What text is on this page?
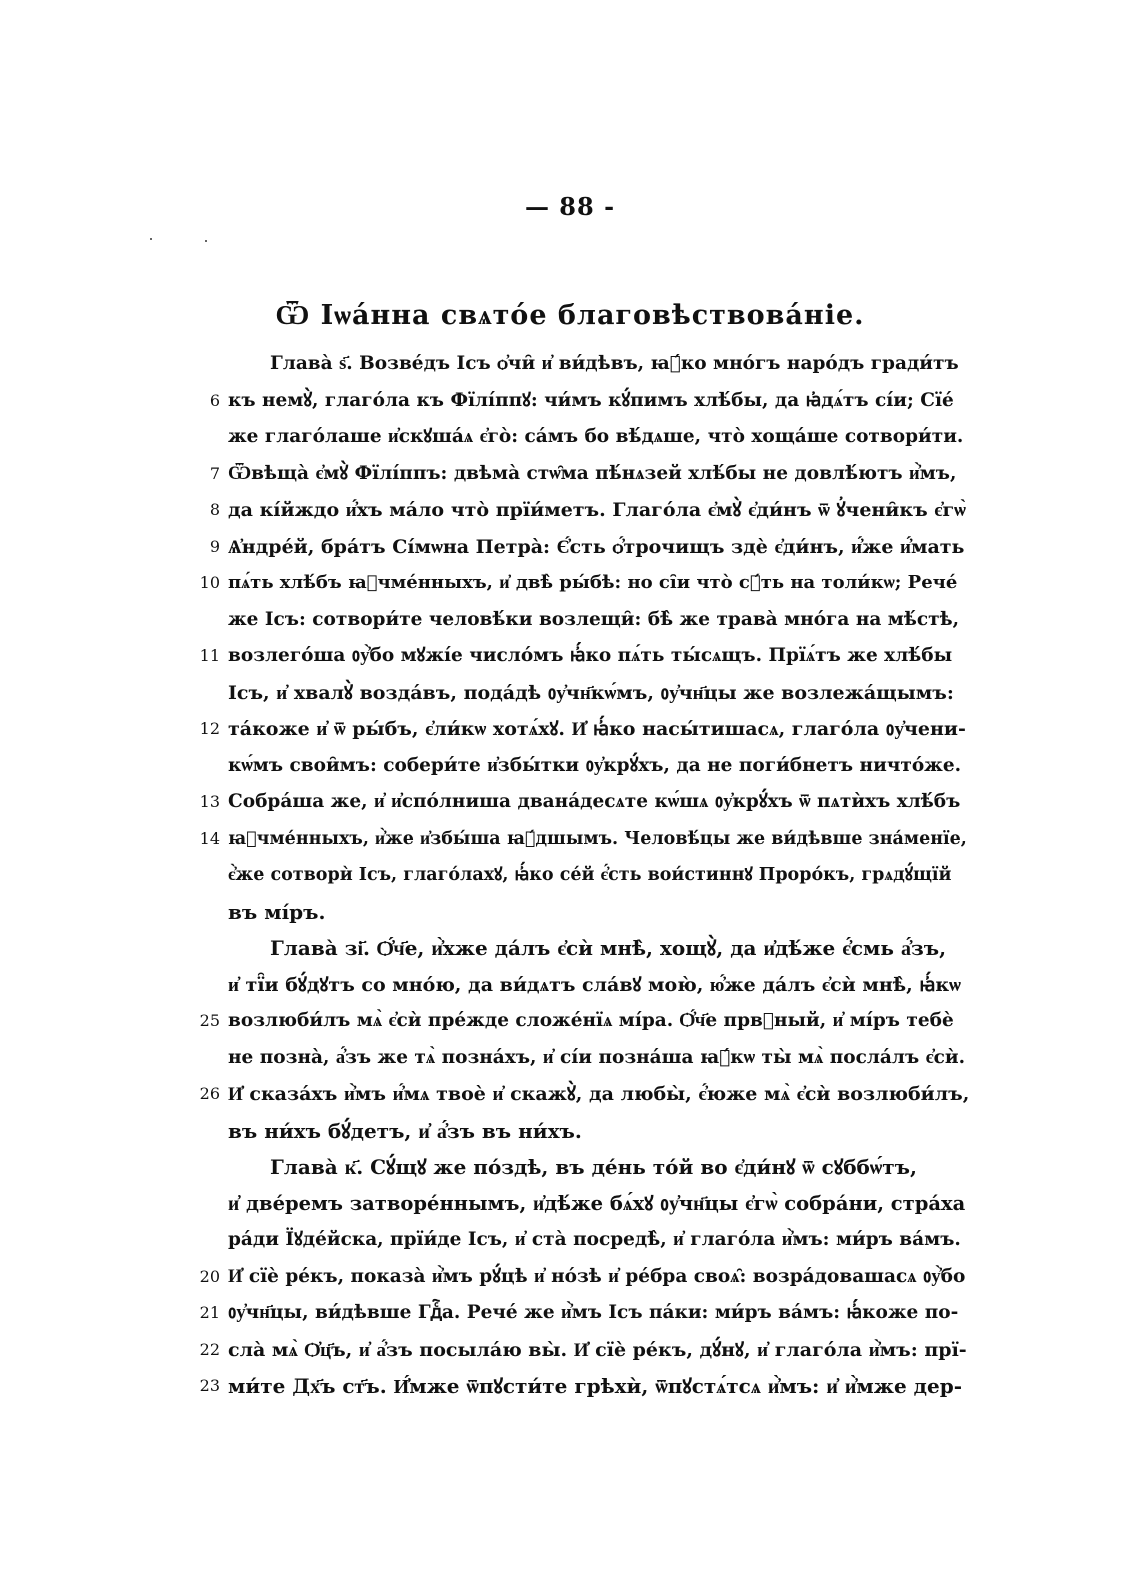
— 88 -
Ѿ Іѡа́нна свѧто́е благовѣствова́ніе.
Глава̀ ѕ҃. Возве́дъ Ісъ ѻ҆чи̑ и҆ ви́дѣвъ, ꙗ҆́ко мно́гъ наро́дъ гради́тъ
6 къ немꙋ̀, глаго́ла къ Фїлі́ппꙋ: чи́мъ кꙋ́пимъ хлѣ́бы, да ꙗ҆дѧ́тъ сі́и; Сїе́
же глаго́лаше и҆скꙋша́ѧ є҆го̀: са́мъ бо вѣ́дѧше, что̀ хоща́ше сотвори́ти.
7 Ѿвѣща̀ є҆мꙋ̀ Фїлі́ппъ: двѣма̀ стѡ̑ма пѣ́нѧзей хлѣ́бы не довлѣ́ютъ и҆̀мъ,
8 да кі́йждо и҆́хъ ма́ло что̀ прїи́метъ. Глаго́ла є҆мꙋ̀ є҆ди́нъ ѿ ꙋ҆чени̑къ є҆гѡ̀
9 Ѧ҆ндре́й, бра́тъ Сі́мѡна Петра̀: Є҆́сть ѻ҆́трочищъ здѐ є҆ди́нъ, и҆́же и҆́мать
10 пѧ́ть хлѣ́бъ ꙗ҆чме́нныхъ, и҆ двѣ̀ ры́бѣ: но сі̑и что̀ сꙋ́ть на толи́кѡ; Рече́
же Ісъ: сотвори́те человѣ́ки возлещи̑: бѣ̀ же трава̀ мно́га на мѣ́стѣ,
11 возлего́ша ᲂу҆̀бо мꙋжі́е число́мъ ꙗ҆́ко пѧ́ть ты́сѧщъ. Прїѧ́тъ же хлѣ́бы
Ісъ, и҆ хвалꙋ̀ возда́въ, пода́дѣ ᲂу҆чн҃кѡ́мъ, ᲂу҆чн҃цы же возлежа́щымъ:
12 та́коже и҆ ѿ ры́бъ, є҆ли́кѡ хотѧ́хꙋ. И҆ ꙗ҆́ко насы́тишасѧ, глаго́ла ᲂу҆чени-
кѡ́мъ свои̑мъ: собери́те и҆збы́тки ᲂу҆крꙋ́хъ, да не поги́бнетъ ничто́же.
13 Собра́ша же, и҆ и҆спо́лниша двана́десѧте кѡ́шѧ ᲂу҆крꙋ́хъ ѿ пѧтѝхъ хлѣ́бъ
14 ꙗ҆чме́нныхъ, и҆̀же и҆збы́ша ꙗ҆́дшымъ. Человѣ́цы же ви́дѣвше зна́менїе,
є҆̀же сотворѝ Ісъ, глаго́лахꙋ, ꙗ҆́ко се́й є҆́сть вои́стиннꙋ Проро́къ, грѧдꙋ́щїй
въ мі́ръ.
Глава̀ зі҃. Ѻ҆́ч҃е, и҆̀хже да́лъ є҆сѝ мнѣ̀, хощꙋ̀, да и҆дѣ́же є҆́смь а҆́зъ,
и҆ тї̑и бꙋ́дꙋтъ со мно́ю, да ви́дѧтъ сла́вꙋ мою̀, ю҆́же да́лъ є҆сѝ мнѣ̀, ꙗ҆́кѡ
25 возлюби́лъ мѧ̀ є҆сѝ пре́жде сложе́нїѧ мі́ра. Ѻ҆́ч҃е првⷣный, и҆ мі́ръ тебѐ
не позна̀, а҆́зъ же тѧ̀ позна́хъ, и҆ сі́и позна́ша ꙗ҆́кѡ ты̀ мѧ̀ посла́лъ є҆сѝ.
26 И҆ сказа́хъ и҆̀мъ и҆́мѧ твоѐ и҆ скажꙋ̀, да любы̀, є҆́юже мѧ̀ є҆сѝ возлюби́лъ,
въ ни́хъ бꙋ́детъ, и҆ а҆́зъ въ ни́хъ.
Глава̀ к҃. Сꙋ́щꙋ же по́здѣ, въ де́нь то́й во є҆ди́нꙋ ѿ сꙋббѡ́тъ,
и҆ две́ремъ затворе́ннымъ, и҆дѣ́же бѧ́хꙋ ᲂу҆чн҃цы є҆гѡ̀ собра́ни, стра́ха
ра́ди Їꙋде́йска, прїи́де Ісъ, и҆ ста̀ посредѣ̀, и҆ глаго́ла и҆̀мъ: ми́ръ ва́мъ.
20 И҆ сїѐ ре́къ, показа̀ и҆̀мъ рꙋ́цѣ и҆ но́зѣ и҆ ре́бра своѧ̑: возра́довашасѧ ᲂу҆̀бо
21 ᲂу҆чн҃цы, ви́дѣвше Гдⷭ҇а. Рече́ же и҆̀мъ Ісъ па́ки: ми́ръ ва́мъ: ꙗ҆́коже по-
22 сла̀ мѧ̀ Ѻ҆ц҃ъ, и҆ а҆́зъ посыла́ю вы̀. И҆ сїѐ ре́къ, дꙋ́нꙋ, и҆ глаго́ла и҆̀мъ: прї-
23 ми́те Дх҃ъ ст҃ъ. И҆́мже ѿпꙋсти́те грѣхѝ, ѿпꙋстѧ́тсѧ и҆̀мъ: и҆ и҆̀мже дер-
